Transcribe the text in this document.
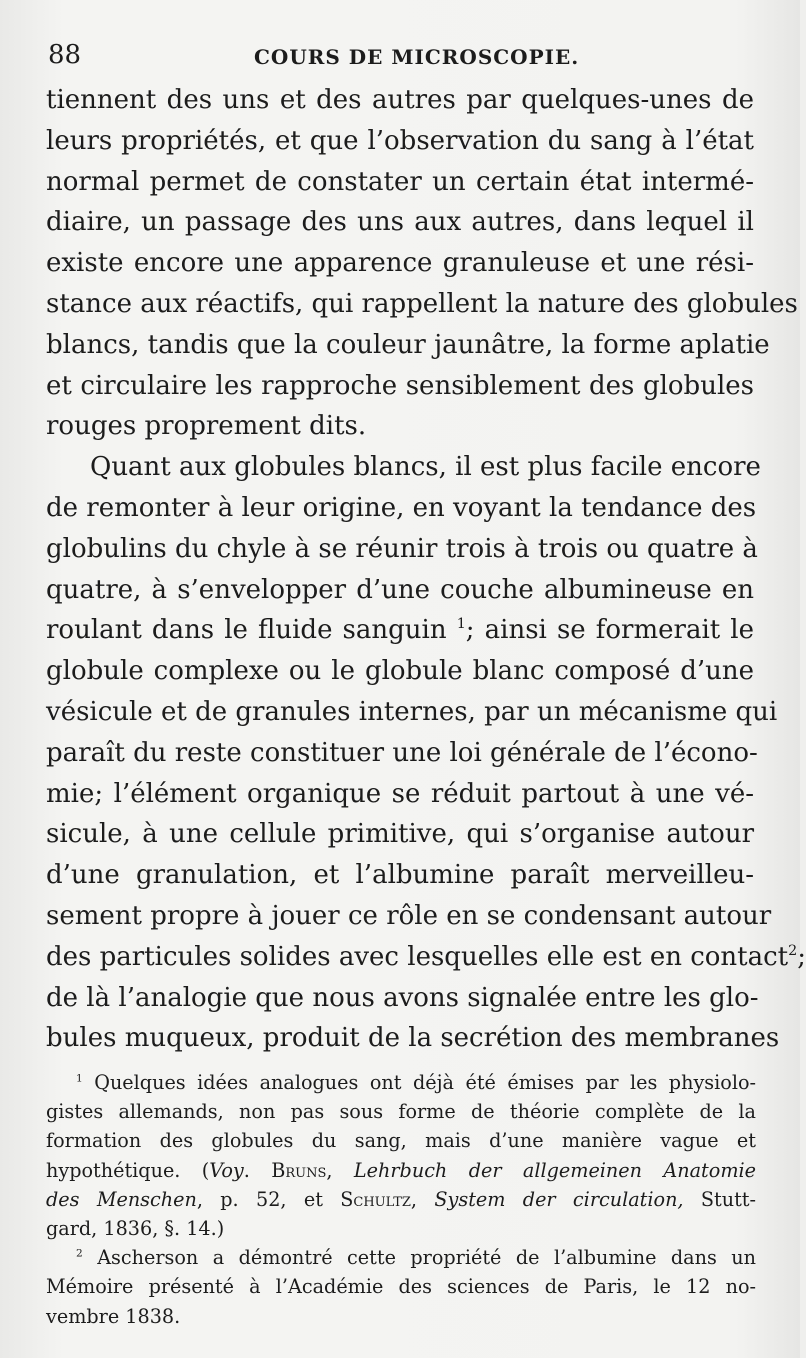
88	COURS DE MICROSCOPIE.
tiennent des uns et des autres par quelques-unes de
leurs propriétés, et que l’observation du sang à l’état
normal permet de constater un certain état intermé-
diaire, un passage des uns aux autres, dans lequel il
existe encore une apparence granuleuse et une rési-
stance aux réactifs, qui rappellent la nature des globules
blancs, tandis que la couleur jaunâtre, la forme aplatie
et circulaire les rapproche sensiblement des globules
rouges proprement dits.
Quant aux globules blancs, il est plus facile encore
de remonter à leur origine, en voyant la tendance des
globulins du chyle à se réunir trois à trois ou quatre à
quatre, à s’envelopper d’une couche albumineuse en
roulant dans le fluide sanguin $^1$; ainsi se formerait le
globule complexe ou le globule blanc composé d’une
vésicule et de granules internes, par un mécanisme qui
paraît du reste constituer une loi générale de l’écono-
mie; l’élément organique se réduit partout à une vé-
sicule, à une cellule primitive, qui s’organise autour
d’une granulation, et l’albumine paraît merveilleu-
sement propre à jouer ce rôle en se condensant autour
des particules solides avec lesquelles elle est en contact$^2$;
de là l’analogie que nous avons signalée entre les glo-
bules muqueux, produit de la secrétion des membranes
$^1$ Quelques idées analogues ont déjà été émises par les physiolo-
gistes allemands, non pas sous forme de théorie complète de la
formation des globules du sang, mais d’une manière vague et
hypothétique. (Voy. Bruns, Lehrbuch der allgemeinen Anatomie
des Menschen, p. 52, et Schultz, System der circulation, Stutt-
gard, 1836, §. 14.)
$^2$ Ascherson a démontré cette propriété de l’albumine dans un
Mémoire présenté à l’Académie des sciences de Paris, le 12 no-
vembre 1838.
